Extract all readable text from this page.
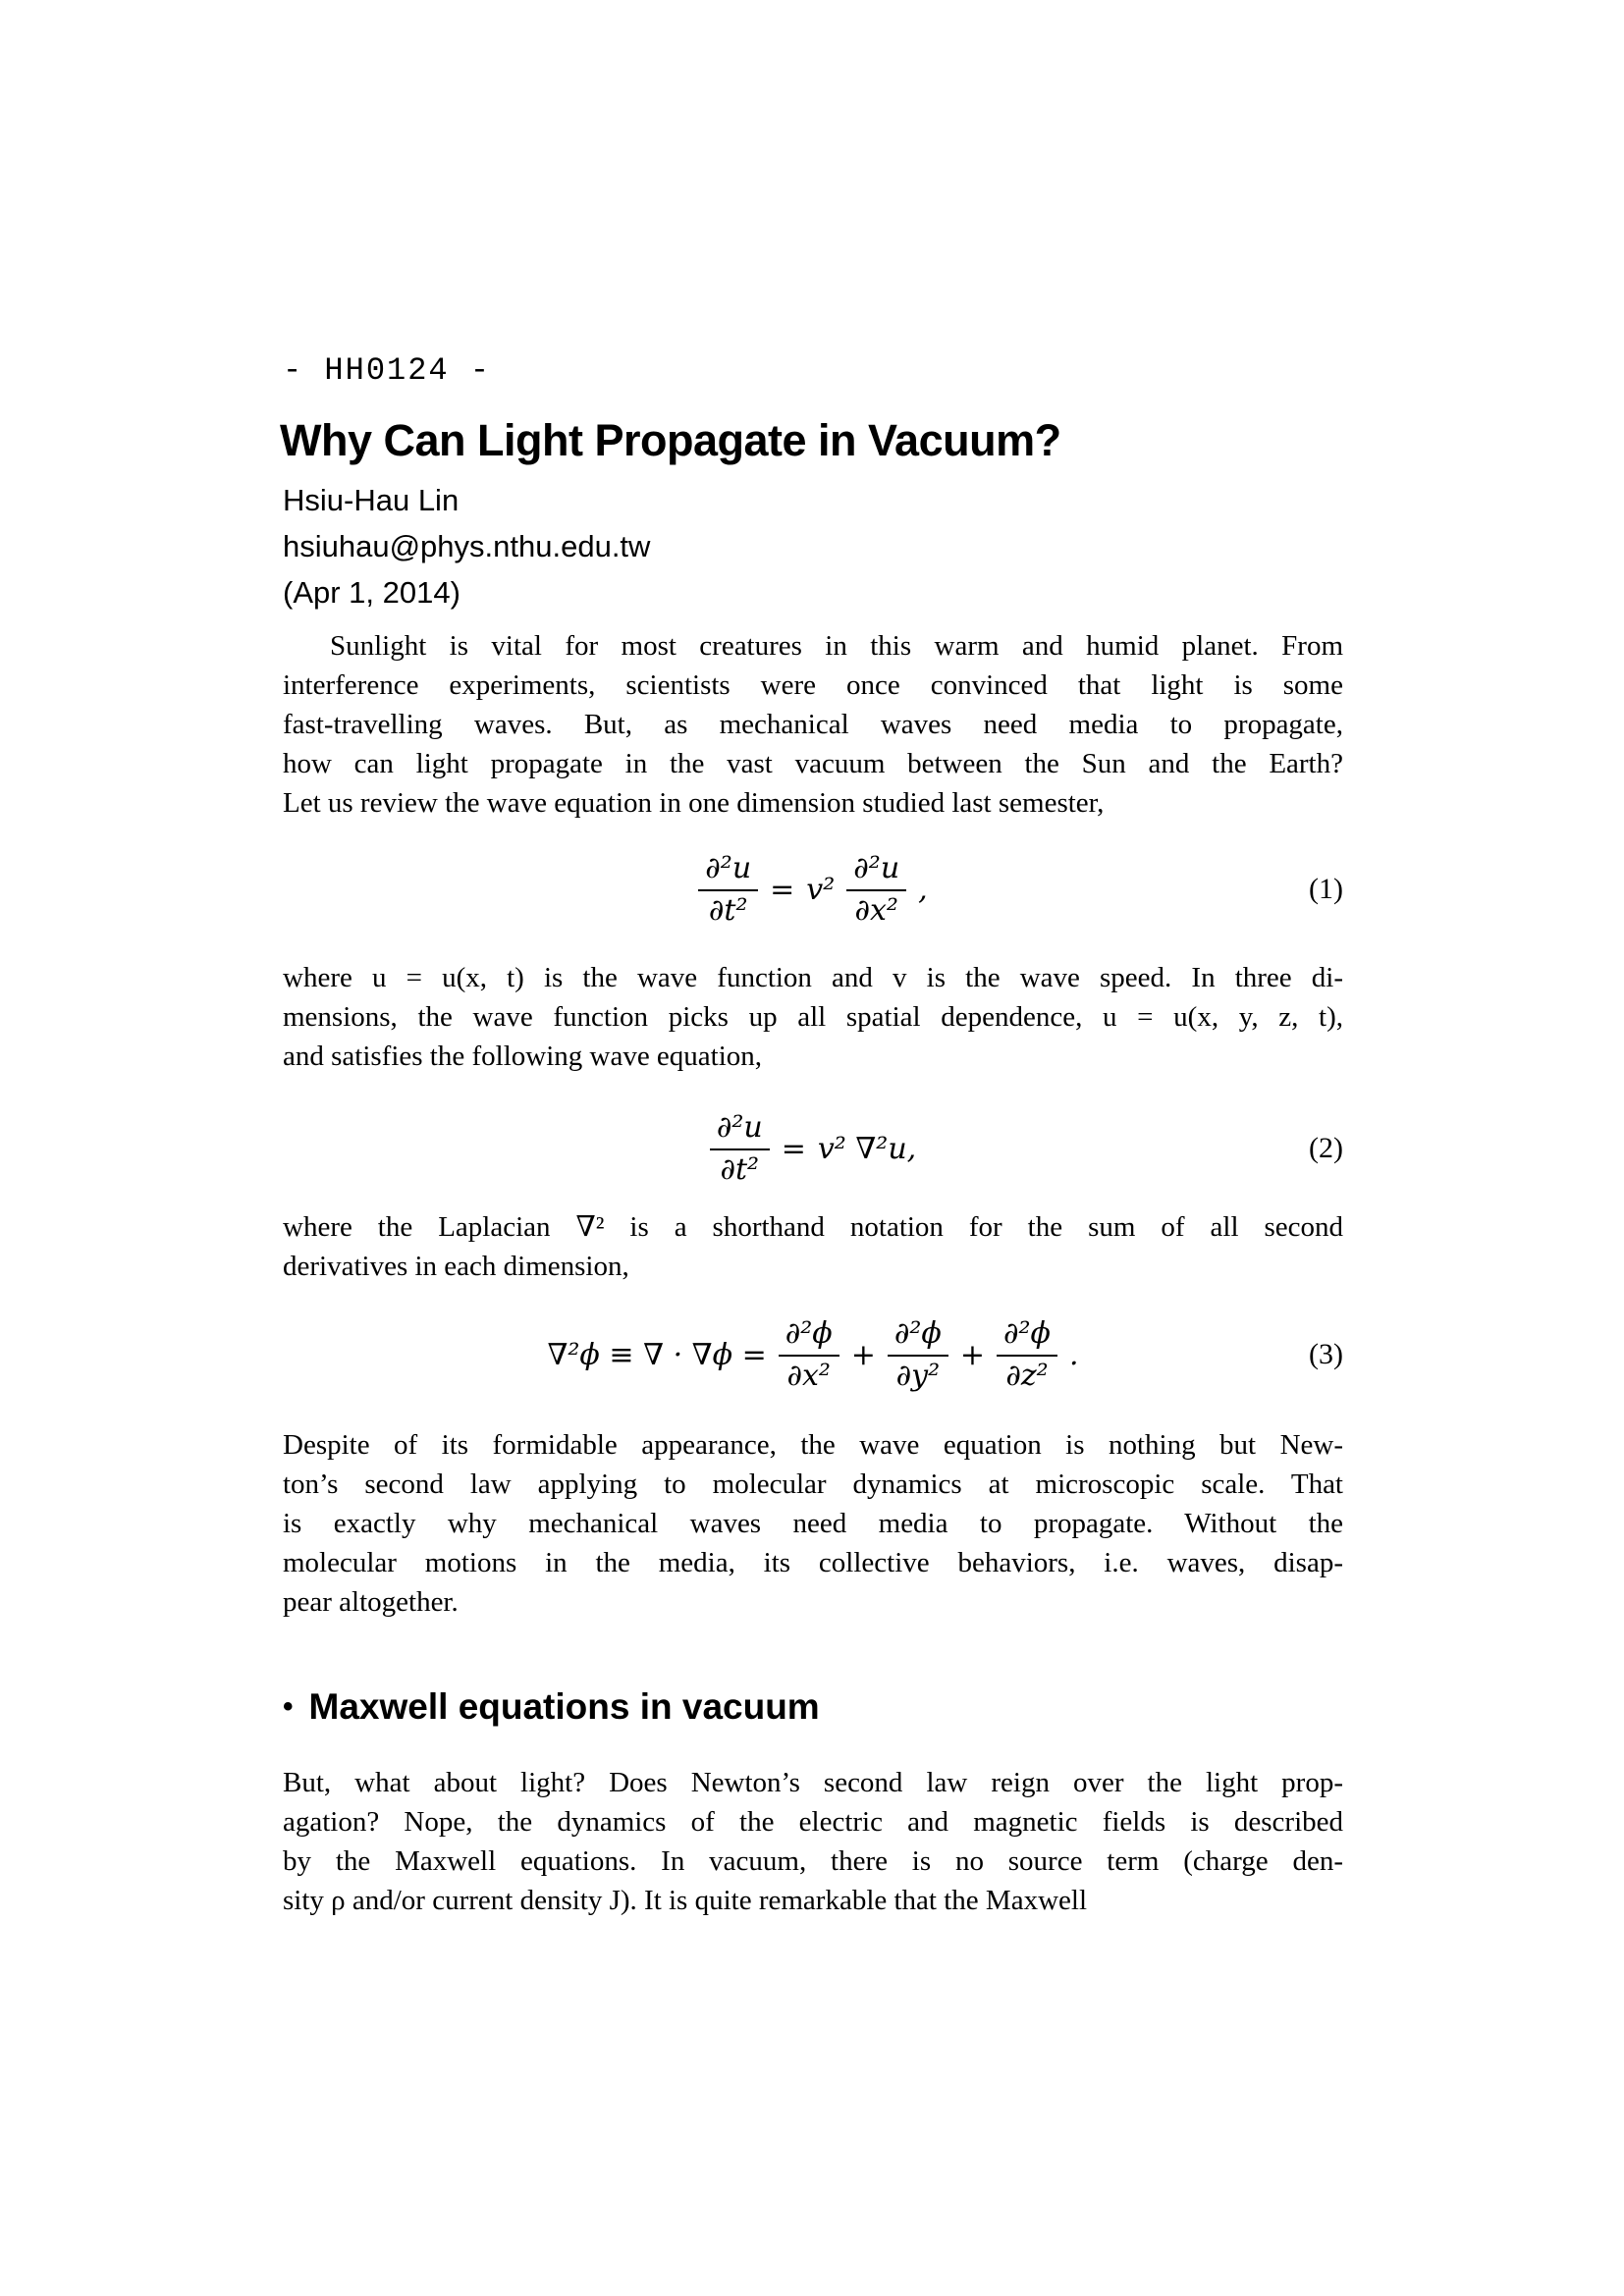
- HH0124 -
Why Can Light Propagate in Vacuum?
Hsiu-Hau Lin
hsiuhau@phys.nthu.edu.tw
(Apr 1, 2014)
Sunlight is vital for most creatures in this warm and humid planet. From
interference experiments, scientists were once convinced that light is some
fast-travelling waves. But, as mechanical waves need media to propagate,
how can light propagate in the vast vacuum between the Sun and the Earth?
Let us review the wave equation in one dimension studied last semester,
$\frac{\text{∂²u}}{\text{∂t²}} = v^2 \frac{\text{∂²u}}{\text{∂x²}}$ ,	(1)
where u = u(x, t) is the wave function and v is the wave speed. In three di-
mensions, the wave function picks up all spatial dependence, u = u(x, y, z, t),
and satisfies the following wave equation,
$\frac{\text{∂²u}}{\text{∂t²}} = v^2$ ∇²u,	(2)
where the Laplacian ∇² is a shorthand notation for the sum of all second
derivatives in each dimension,
∇²ϕ ≡ ∇ · $\nabla\phi = \frac{\text{∂²ϕ}}{\text{∂x²}} + \frac{\text{∂²ϕ}}{\text{∂y²}} + \frac{\text{∂²ϕ}}{\text{∂z²}}$ .	(3)
Despite of its formidable appearance, the wave equation is nothing but New-
ton’s second law applying to molecular dynamics at microscopic scale. That
is exactly why mechanical waves need media to propagate. Without the
molecular motions in the media, its collective behaviors, i.e. waves, disap-
pear altogether.
• Maxwell equations in vacuum
But, what about light? Does Newton’s second law reign over the light prop-
agation? Nope, the dynamics of the electric and magnetic fields is described
by the Maxwell equations. In vacuum, there is no source term (charge den-
sity ρ and/or current density J). It is quite remarkable that the Maxwell
